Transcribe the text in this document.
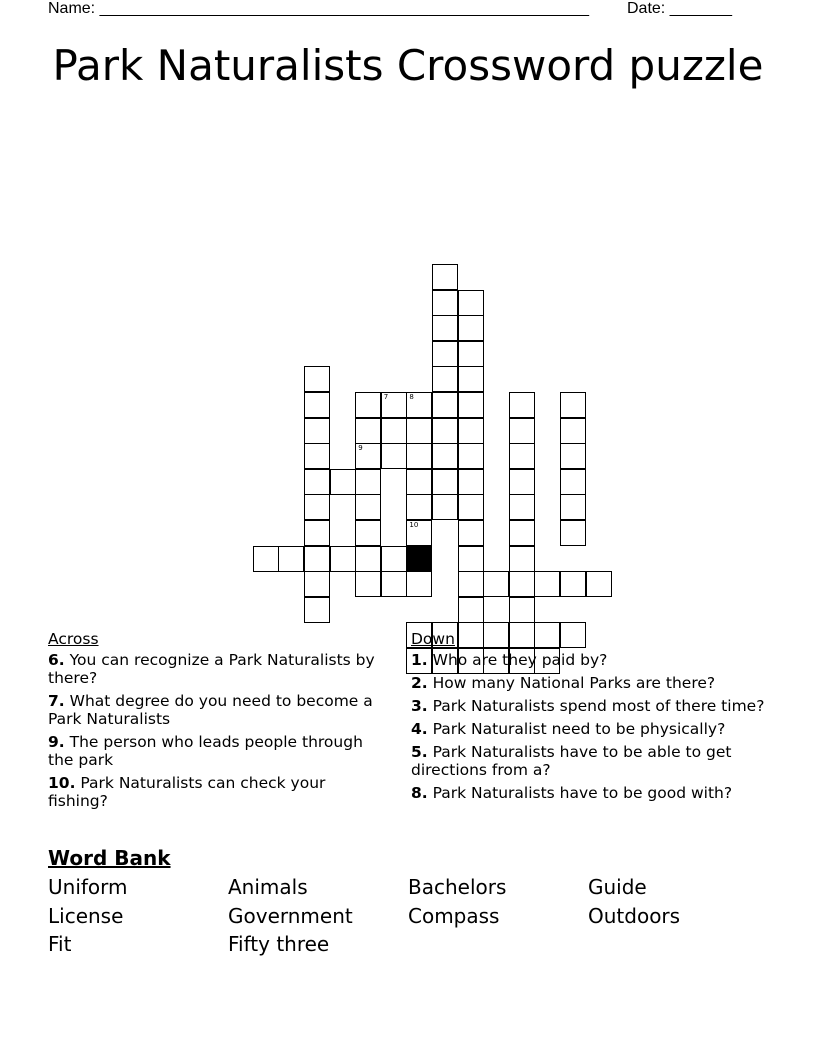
Name: _______________________________________________________ Date: _______
Park Naturalists Crossword puzzle
9
7	8
10
Across
6. You can recognize a Park Naturalists by there?
7. What degree do you need to become a Park Naturalists
9. The person who leads people through the park
10. Park Naturalists can check your fishing?
Down
1. Who are they paid by?
2. How many National Parks are there?
3. Park Naturalists spend most of there time?
4. Park Naturalist need to be physically?
5. Park Naturalists have to be able to get directions from a?
8. Park Naturalists have to be good with?
Word Bank
Uniform	Animals	Bachelors	Guide
License	Government	Compass	Outdoors
Fit	Fifty three
